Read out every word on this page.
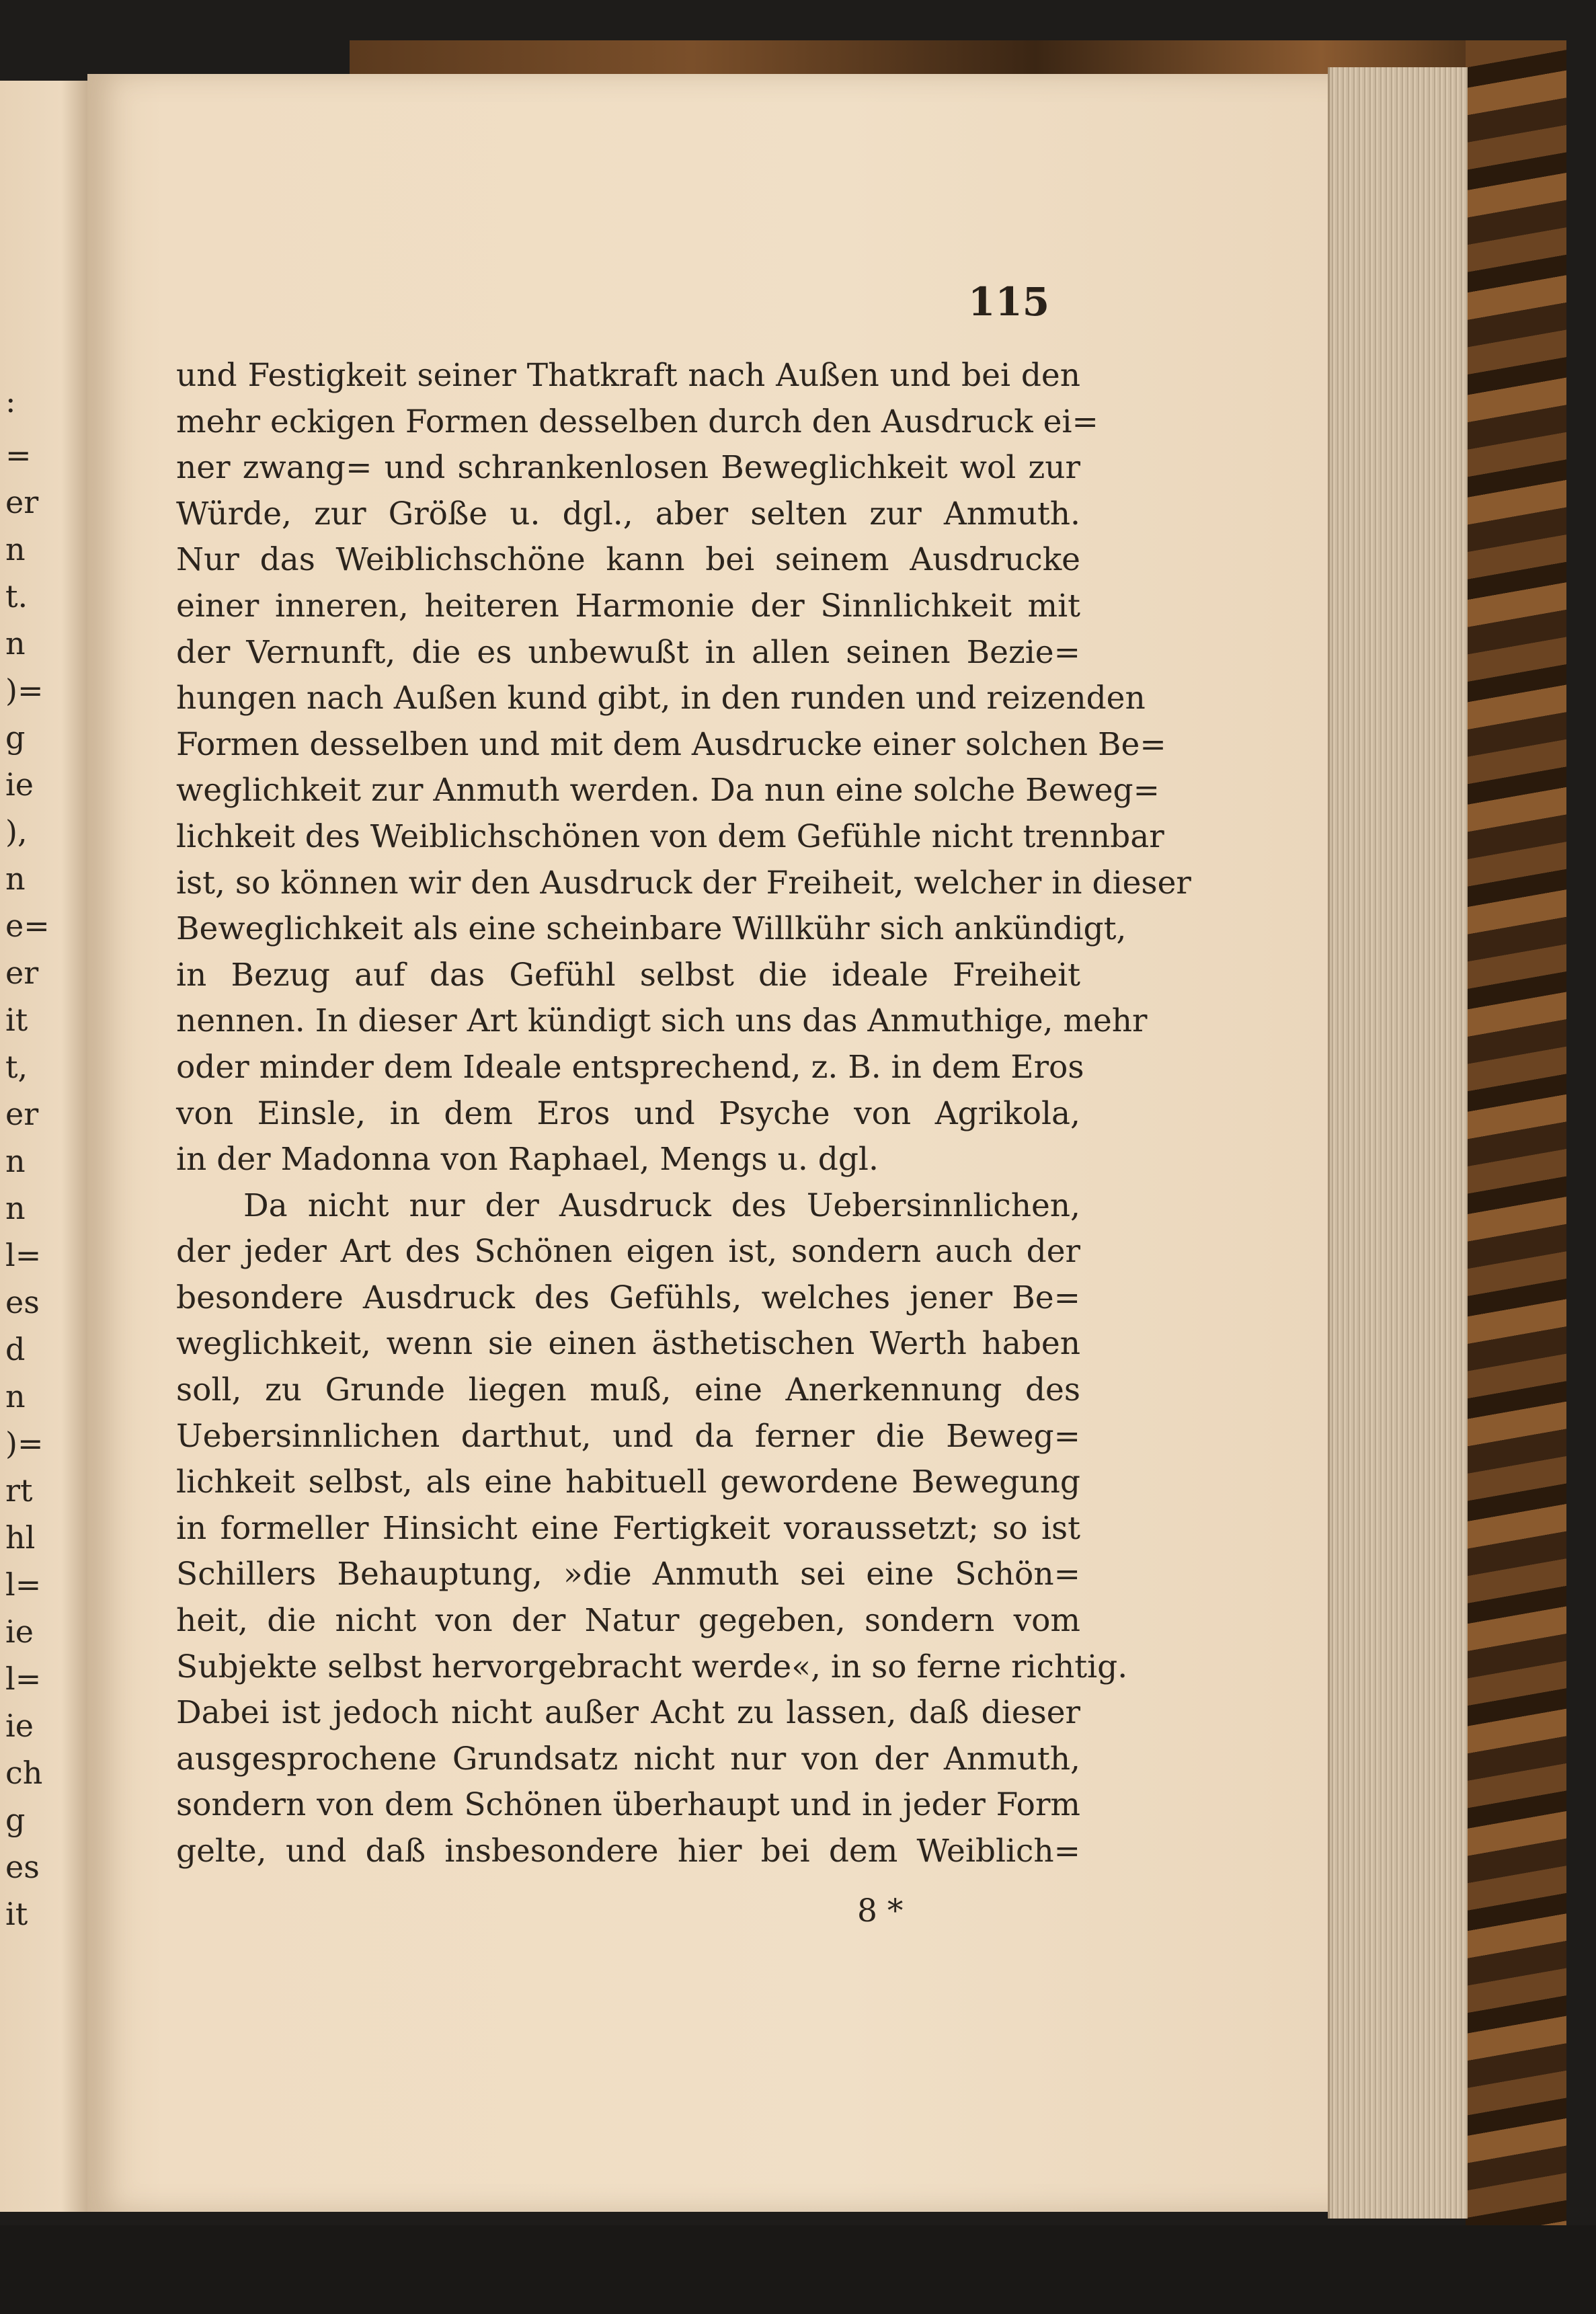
:
=
er
n
t.
n
)=
g
ie
),
n
e=
er
it
t,
er
n
n
l=
es
d
n
)=
rt
hl
l=
ie
l=
ie
ch
g
es
it
115
und Festigkeit seiner Thatkraft nach Außen und bei den
mehr eckigen Formen desselben durch den Ausdruck ei=
ner zwang= und schrankenlosen Beweglichkeit wol zur
Würde, zur Größe u. dgl., aber selten zur Anmuth.
Nur das Weiblichschöne kann bei seinem Ausdrucke
einer inneren, heiteren Harmonie der Sinnlichkeit mit
der Vernunft, die es unbewußt in allen seinen Bezie=
hungen nach Außen kund gibt, in den runden und reizenden
Formen desselben und mit dem Ausdrucke einer solchen Be=
weglichkeit zur Anmuth werden. Da nun eine solche Beweg=
lichkeit des Weiblichschönen von dem Gefühle nicht trennbar
ist, so können wir den Ausdruck der Freiheit, welcher in dieser
Beweglichkeit als eine scheinbare Willkühr sich ankündigt,
in Bezug auf das Gefühl selbst die ideale Freiheit
nennen. In dieser Art kündigt sich uns das Anmuthige, mehr
oder minder dem Ideale entsprechend, z. B. in dem Eros
von Einsle, in dem Eros und Psyche von Agrikola,
in der Madonna von Raphael, Mengs u. dgl.
Da nicht nur der Ausdruck des Uebersinnlichen,
der jeder Art des Schönen eigen ist, sondern auch der
besondere Ausdruck des Gefühls, welches jener Be=
weglichkeit, wenn sie einen ästhetischen Werth haben
soll, zu Grunde liegen muß, eine Anerkennung des
Uebersinnlichen darthut, und da ferner die Beweg=
lichkeit selbst, als eine habituell gewordene Bewegung
in formeller Hinsicht eine Fertigkeit voraussetzt; so ist
Schillers Behauptung, »die Anmuth sei eine Schön=
heit, die nicht von der Natur gegeben, sondern vom
Subjekte selbst hervorgebracht werde«, in so ferne richtig.
Dabei ist jedoch nicht außer Acht zu lassen, daß dieser
ausgesprochene Grundsatz nicht nur von der Anmuth,
sondern von dem Schönen überhaupt und in jeder Form
gelte, und daß insbesondere hier bei dem Weiblich=
8 *
